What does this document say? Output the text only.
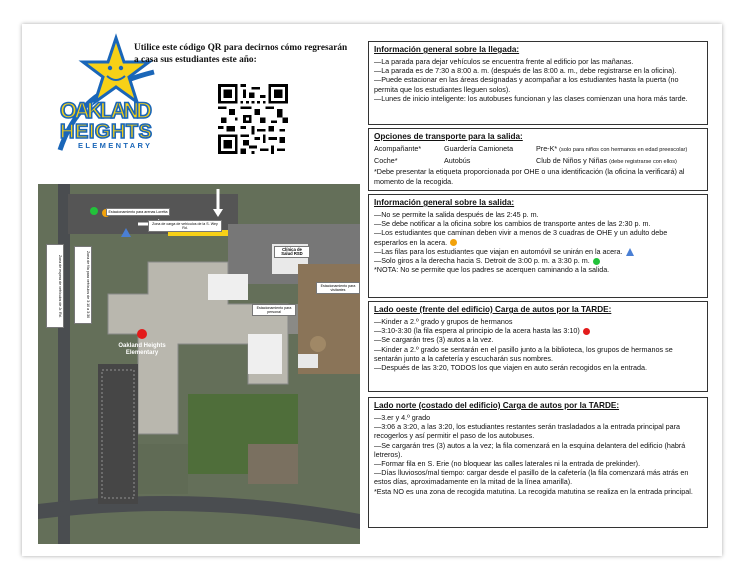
OAKLAND
HEIGHTS
ELEMENTARY
Utilice este código QR para decirnos cómo regresarán a casa sus estudiantes este año:
Estacionamiento para arenas Loretta
Zona de carga de vehículos de la S. Wey Rd.
Clínica de Salud RSD
Estacionamiento para personal
Estacionamiento para visitantes
Zona de espera de vehículos de Jr. Rd.	Zona de fila para vehículos de 3:10 a 3:30
Oakland Heights
Elementary
Información general sobre la llegada:

—La parada para dejar vehículos se encuentra frente al edificio por las mañanas.

—La parada es de 7:30 a 8:00 a. m. (después de las 8:00 a. m., debe registrarse en la oficina).

—Puede estacionar en las áreas designadas y acompañar a los estudiantes hasta la puerta (no permita que los estudiantes lleguen solos).

—Lunes de inicio inteligente: los autobuses funcionan y las clases comienzan una hora más tarde.

Opciones de transporte para la salida:
Acompañante*	Guardería Camioneta	Pre-K* (solo para niños con hermanos en edad preescolar)
Coche*	Autobús	Club de Niños y Niñas (debe registrarse con ellos)

*Debe presentar la etiqueta proporcionada por OHE o una identificación (la oficina la verificará) al momento de la recogida.

Información general sobre la salida:

—No se permite la salida después de las 2:45 p. m.

—Se debe notificar a la oficina sobre los cambios de transporte antes de las 2:30 p. m.

—Los estudiantes que caminan deben vivir a menos de 3 cuadras de OHE y un adulto debe esperarlos en la acera.

—Las filas para los estudiantes que viajan en automóvil se unirán en la acera.

—Solo giros a la derecha hacia S. Detroit de 3:00 p. m. a 3:30 p. m.

*NOTA: No se permite que los padres se acerquen caminando a la salida.

Lado oeste (frente del edificio) Carga de autos por la TARDE:

—Kinder a 2.º grado y grupos de hermanos

—3:10-3:30 (la fila espera al principio de la acera hasta las 3:10)

—Se cargarán tres (3) autos a la vez.

—Kinder a 2.º grado se sentarán en el pasillo junto a la biblioteca, los grupos de hermanos se sentarán junto a la cafetería y escucharán sus nombres.

—Después de las 3:20, TODOS los que viajen en auto serán recogidos en la entrada.

Lado norte (costado del edificio) Carga de autos por la TARDE:

—3.er y 4.º grado

—3:06 a 3:20, a las 3:20, los estudiantes restantes serán trasladados a la entrada principal para recogerlos y así permitir el paso de los autobuses.

—Se cargarán tres (3) autos a la vez; la fila comenzará en la esquina delantera del edificio (habrá letreros).

—Formar fila en S. Erie (no bloquear las calles laterales ni la entrada de prekinder).

—Días lluviosos/mal tiempo: cargar desde el pasillo de la cafetería (la fila comenzará más atrás en estos días, aproximadamente en la mitad de la línea amarilla).

*Esta NO es una zona de recogida matutina. La recogida matutina se realiza en la entrada principal.
